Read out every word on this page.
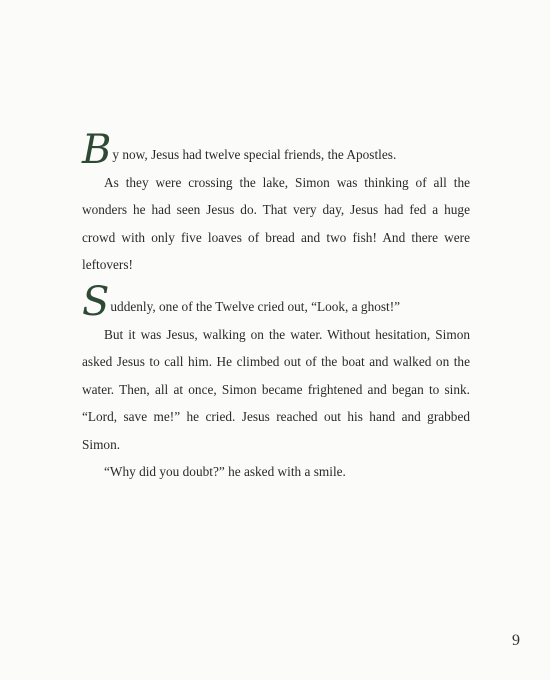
By now, Jesus had twelve special friends, the Apostles.

As they were crossing the lake, Simon was thinking of all the wonders he had seen Jesus do. That very day, Jesus had fed a huge crowd with only five loaves of bread and two fish! And there were leftovers!

Suddenly, one of the Twelve cried out, “Look, a ghost!”

But it was Jesus, walking on the water. Without hesitation, Simon asked Jesus to call him. He climbed out of the boat and walked on the water. Then, all at once, Simon became frightened and began to sink. “Lord, save me!” he cried. Jesus reached out his hand and grabbed Simon.

“Why did you doubt?” he asked with a smile.

9
